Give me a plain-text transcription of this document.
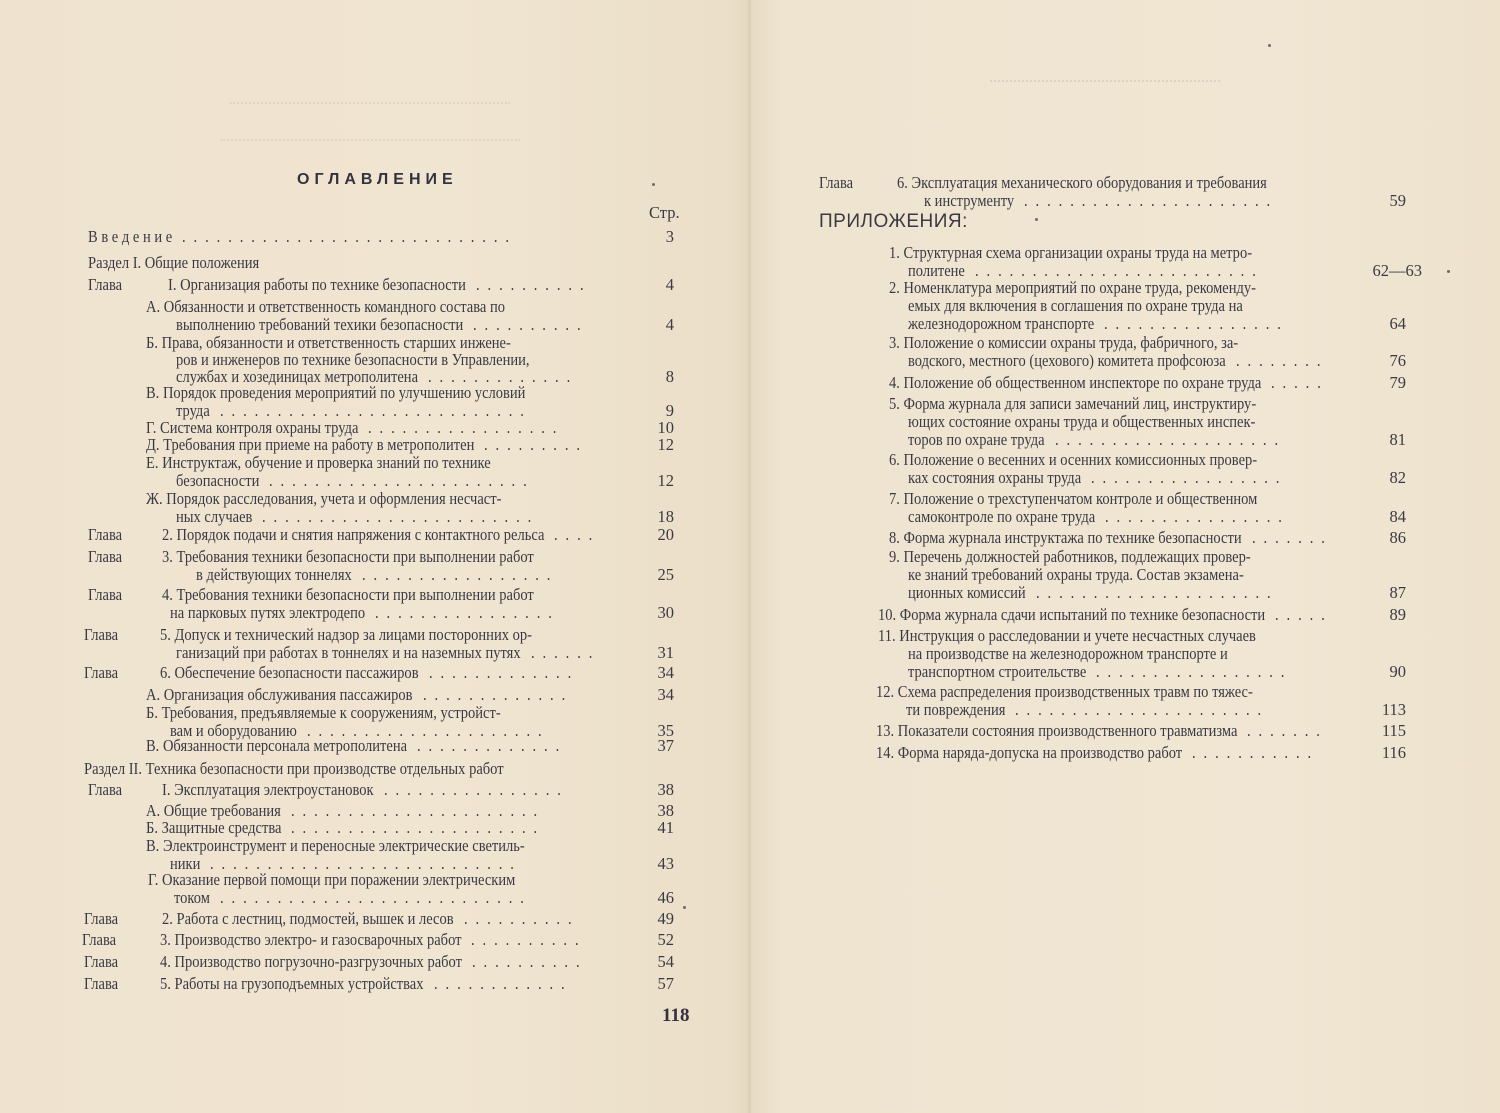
ОГЛАВЛЕНИЕ
Стр.	ПРИЛОЖЕНИЯ:
118
В в е д е н и е .............................	3
Раздел I. Общие положения
Глава	I. Организация работы по технике безопасности ..........	4
А. Обязанности и ответственность командного состава по
выполнению требований техики безопасности ..........	4
Б. Права, обязанности и ответственность старших инжене-
ров и инженеров по технике безопасности в Управлении,
службах и хозединицах метрополитена .............	8
В. Порядок проведения мероприятий по улучшению условий
труда ...........................	9
Г. Система контроля охраны труда .................	10
Д. Требования при приеме на работу в метрополитен .........	12
Е. Инструктаж, обучение и проверка знаний по технике
безопасности .......................	12
Ж. Порядок расследования, учета и оформления несчаст-
ных случаев ........................	18
Глава 2. Порядок подачи и снятия напряжения с контактного рельса ....	20
Глава 3. Требования техники безопасности при выполнении работ
в действующих тоннелях .................	25
Глава 4. Требования техники безопасности при выполнении работ
на парковых путях электродепо ................	30
Глава	5. Допуск и технический надзор за лицами посторонних ор-
ганизаций при работах в тоннелях и на наземных путях ......	31
Глава	6. Обеспечение безопасности пассажиров .............	34
А. Организация обслуживания пассажиров .............	34
Б. Требования, предъявляемые к сооружениям, устройст-
вам и оборудованию .....................	35
В. Обязанности персонала метрополитена .............	37
Раздел II. Техника безопасности при производстве отдельных работ
Глава I. Эксплуатация электроустановок ................	38
А. Общие требования ......................	38
Б. Защитные средства ......................	41
В. Электроинструмент и переносные электрические светиль-
ники ...........................	43
Г. Оказание первой помощи при поражении электрическим
током ...........................	46
Глава	2. Работа с лестниц, подмостей, вышек и лесов ..........	49
Глава	3. Производство электро- и газосварочных работ ..........	52
Глава	4. Производство погрузочно-разгрузочных работ ..........	54
Глава	5. Работы на грузоподъемных устройствах ............	57
Глава	6. Эксплуатация механического оборудования и требования
к инструменту ......................	59
1. Структурная схема организации охраны труда на метро-
политене .........................	62—63
2. Номенклатура мероприятий по охране труда, рекоменду-
емых для включения в соглашения по охране труда на
железнодорожном транспорте ................	64
3. Положение о комиссии охраны труда, фабричного, за-
водского, местного (цехового) комитета профсоюза ........	76
4. Положение об общественном инспекторе по охране труда .....	79
5. Форма журнала для записи замечаний лиц, инструктиру-
ющих состояние охраны труда и общественных инспек-
торов по охране труда ....................	81
6. Положение о весенних и осенних комиссионных провер-
ках состояния охраны труда .................	82
7. Положение о трехступенчатом контроле и общественном
самоконтроле по охране труда ................	84
8. Форма журнала инструктажа по технике безопасности .......	86
9. Перечень должностей работников, подлежащих провер-
ке знаний требований охраны труда. Состав экзамена-
ционных комиссий .....................	87
10. Форма журнала сдачи испытаний по технике безопасности .....	89
11. Инструкция о расследовании и учете несчастных случаев
на производстве на железнодорожном транспорте и
транспортном строительстве .................	90
12. Схема распределения производственных травм по тяжес-
ти повреждения ......................	113
13. Показатели состояния производственного травматизма .......	115
14. Форма наряда-допуска на производство работ ...........	116
